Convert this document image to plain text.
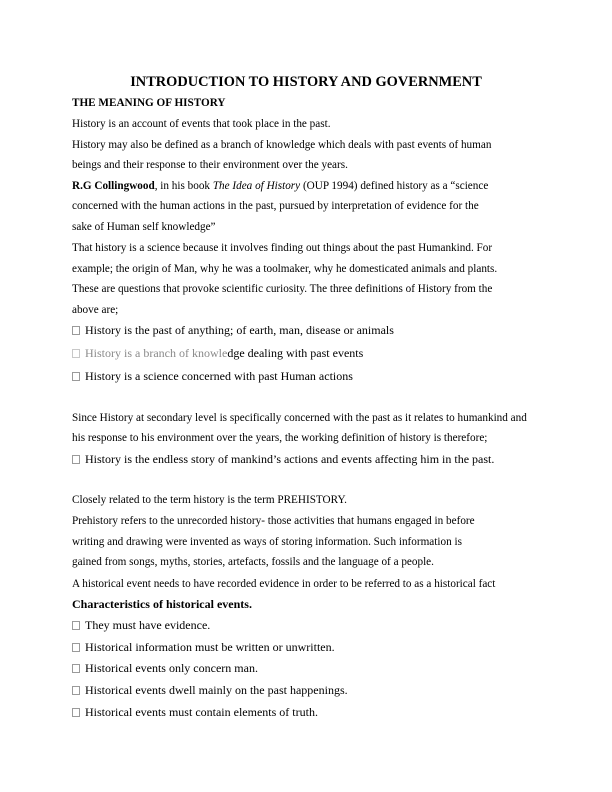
INTRODUCTION TO HISTORY AND GOVERNMENT
THE MEANING OF HISTORY
History is an account of events that took place in the past.
History may also be defined as a branch of knowledge which deals with past events of human
beings and their response to their environment over the years.
R.G Collingwood, in his book The Idea of History (OUP 1994) defined history as a “science
concerned with the human actions in the past, pursued by interpretation of evidence for the
sake of Human self knowledge”
That history is a science because it involves finding out things about the past Humankind. For
example; the origin of Man, why he was a toolmaker, why he domesticated animals and plants.
These are questions that provoke scientific curiosity. The three definitions of History from the
above are;
History is the past of anything; of earth, man, disease or animals
History is a branch of knowledge dealing with past events
History is a science concerned with past Human actions
Since History at secondary level is specifically concerned with the past as it relates to humankind and
his response to his environment over the years, the working definition of history is therefore;
History is the endless story of mankind’s actions and events affecting him in the past.
Closely related to the term history is the term PREHISTORY.
Prehistory refers to the unrecorded history- those activities that humans engaged in before
writing and drawing were invented as ways of storing information. Such information is
gained from songs, myths, stories, artefacts, fossils and the language of a people.
A historical event needs to have recorded evidence in order to be referred to as a historical fact
Characteristics of historical events.
They must have evidence.
Historical information must be written or unwritten.
Historical events only concern man.
Historical events dwell mainly on the past happenings.
Historical events must contain elements of truth.
